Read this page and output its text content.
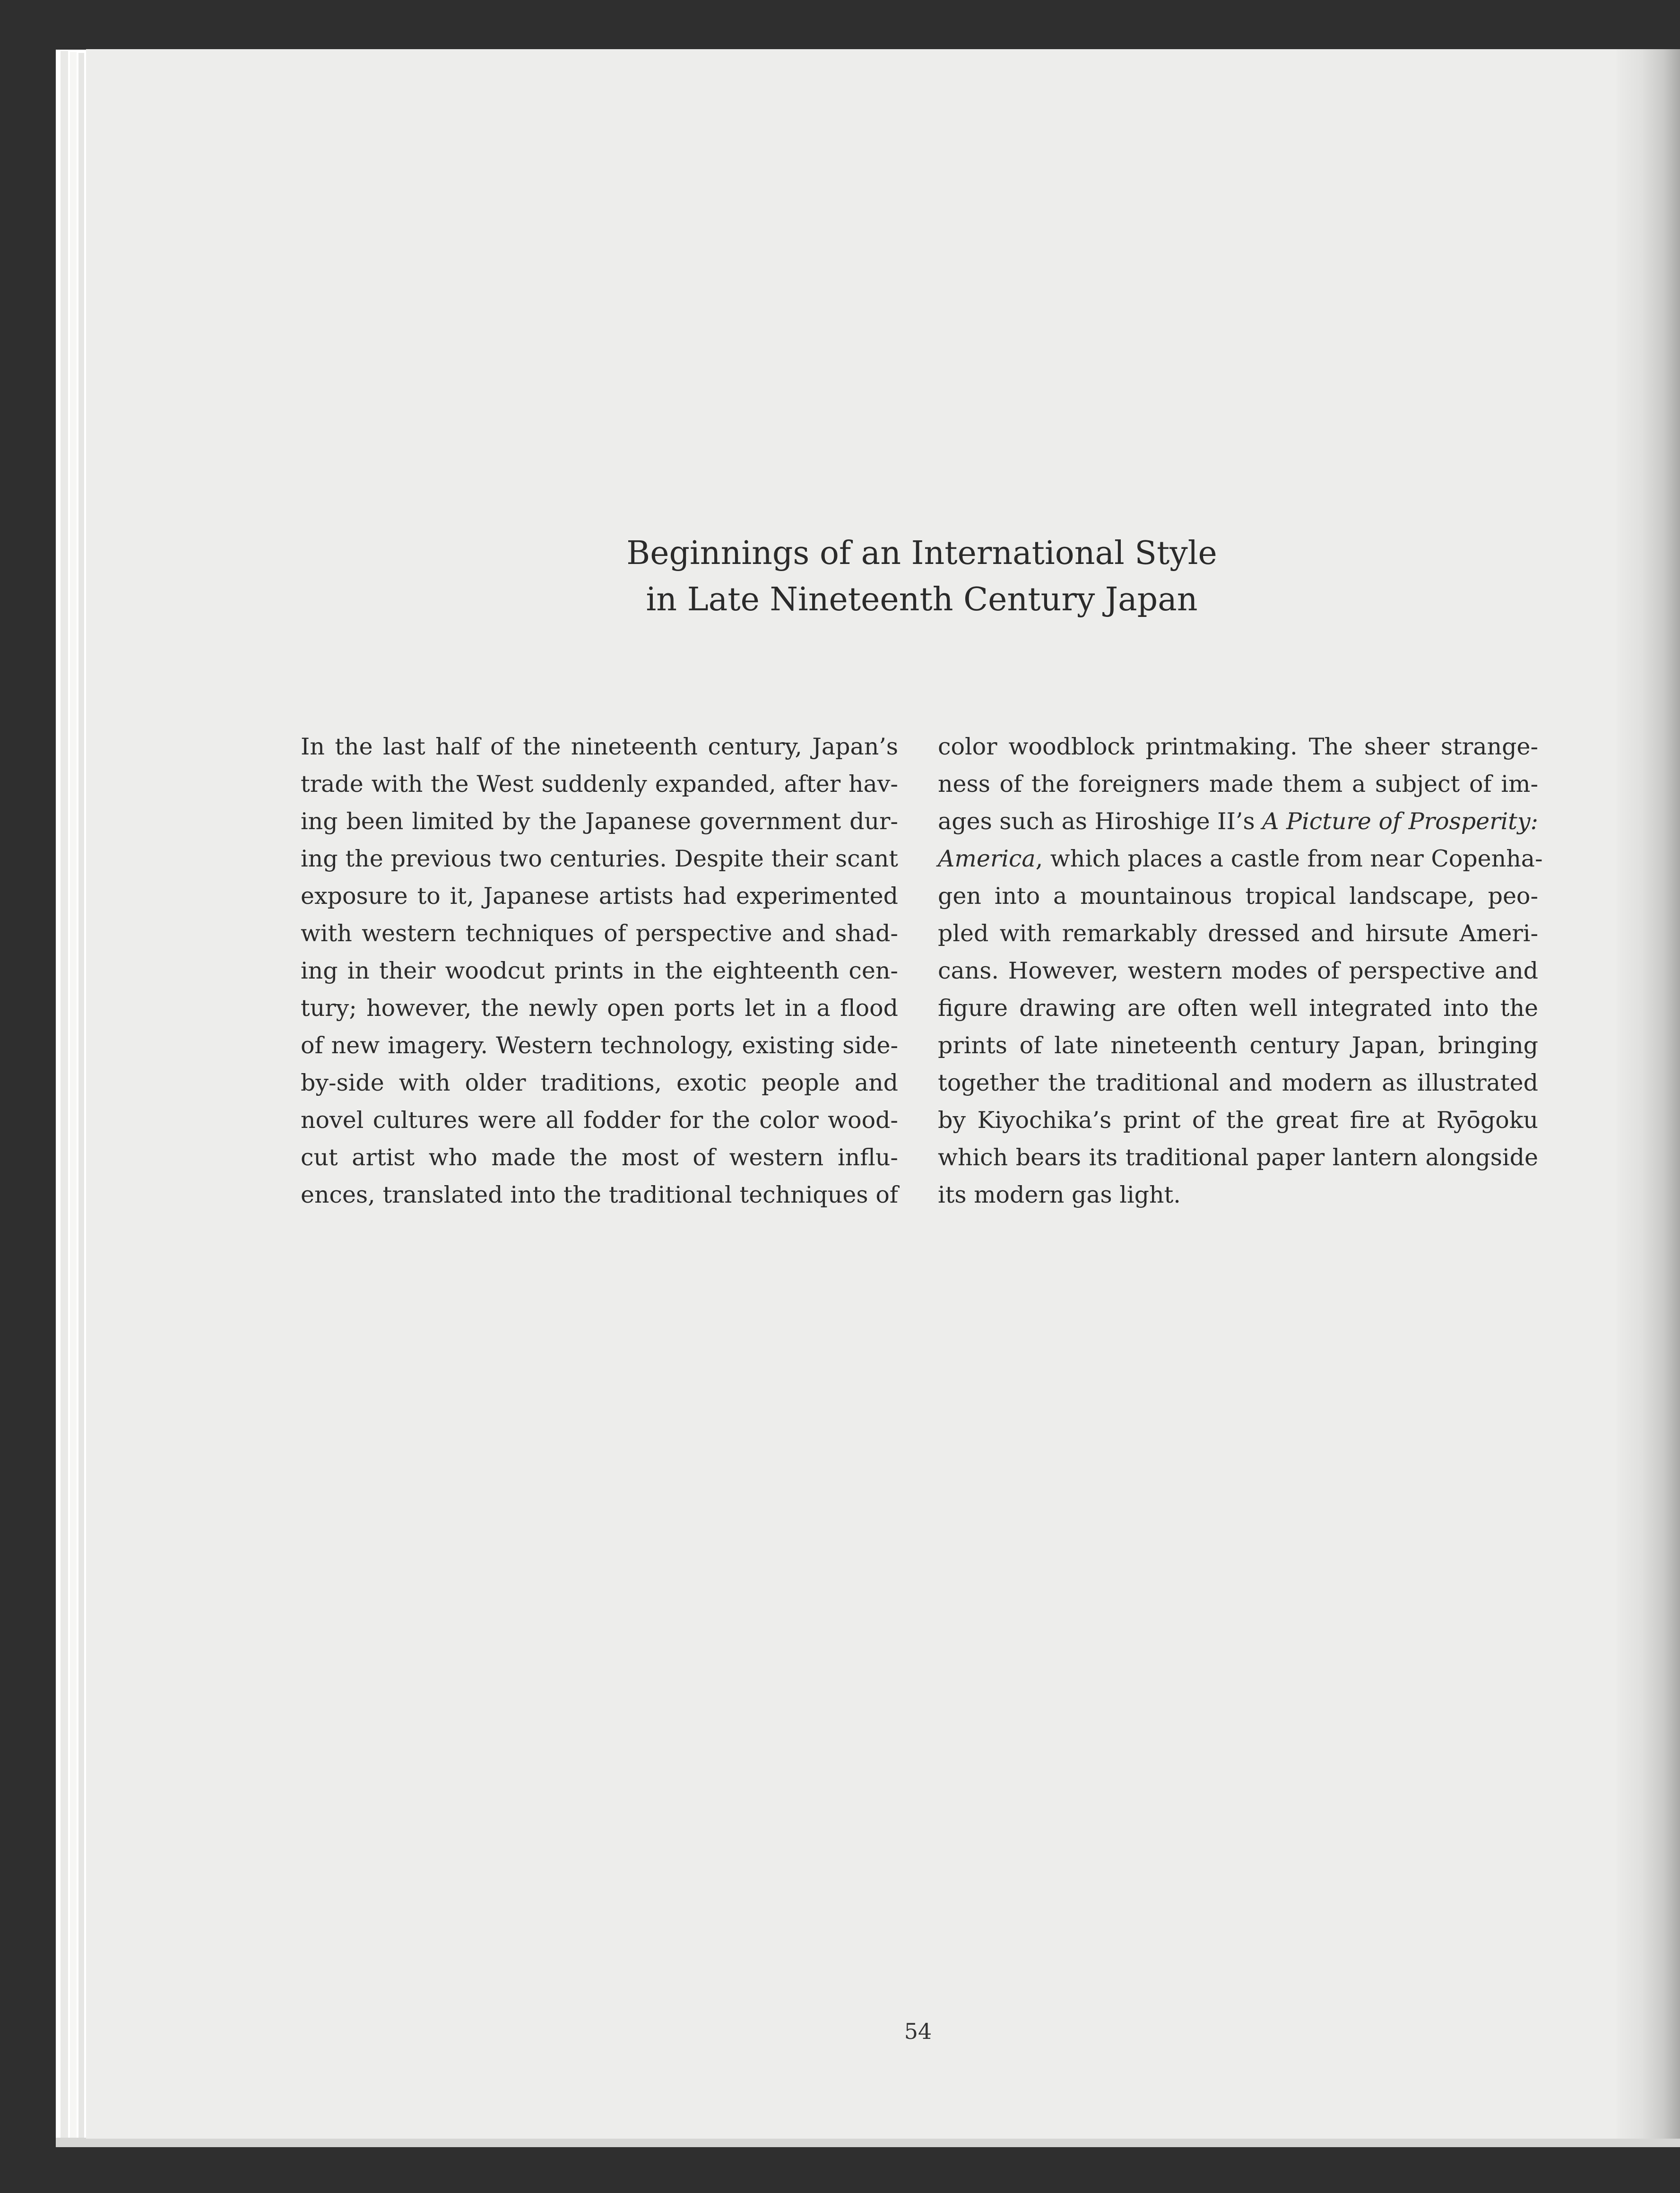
Beginnings of an International Style
in Late Nineteenth Century Japan
In the last half of the nineteenth century, Japan’s
trade with the West suddenly expanded, after hav-
ing been limited by the Japanese government dur-
ing the previous two centuries. Despite their scant
exposure to it, Japanese artists had experimented
with western techniques of perspective and shad-
ing in their woodcut prints in the eighteenth cen-
tury; however, the newly open ports let in a flood
of new imagery. Western technology, existing side-
by-side with older traditions, exotic people and
novel cultures were all fodder for the color wood-
cut artist who made the most of western influ-
ences, translated into the traditional techniques of
color woodblock printmaking. The sheer strange-
ness of the foreigners made them a subject of im-
ages such as Hiroshige II’s A Picture of Prosperity:
America, which places a castle from near Copenha-
gen into a mountainous tropical landscape, peo-
pled with remarkably dressed and hirsute Ameri-
cans. However, western modes of perspective and
figure drawing are often well integrated into the
prints of late nineteenth century Japan, bringing
together the traditional and modern as illustrated
by Kiyochika’s print of the great fire at Ryōgoku
which bears its traditional paper lantern alongside
its modern gas light.
54
